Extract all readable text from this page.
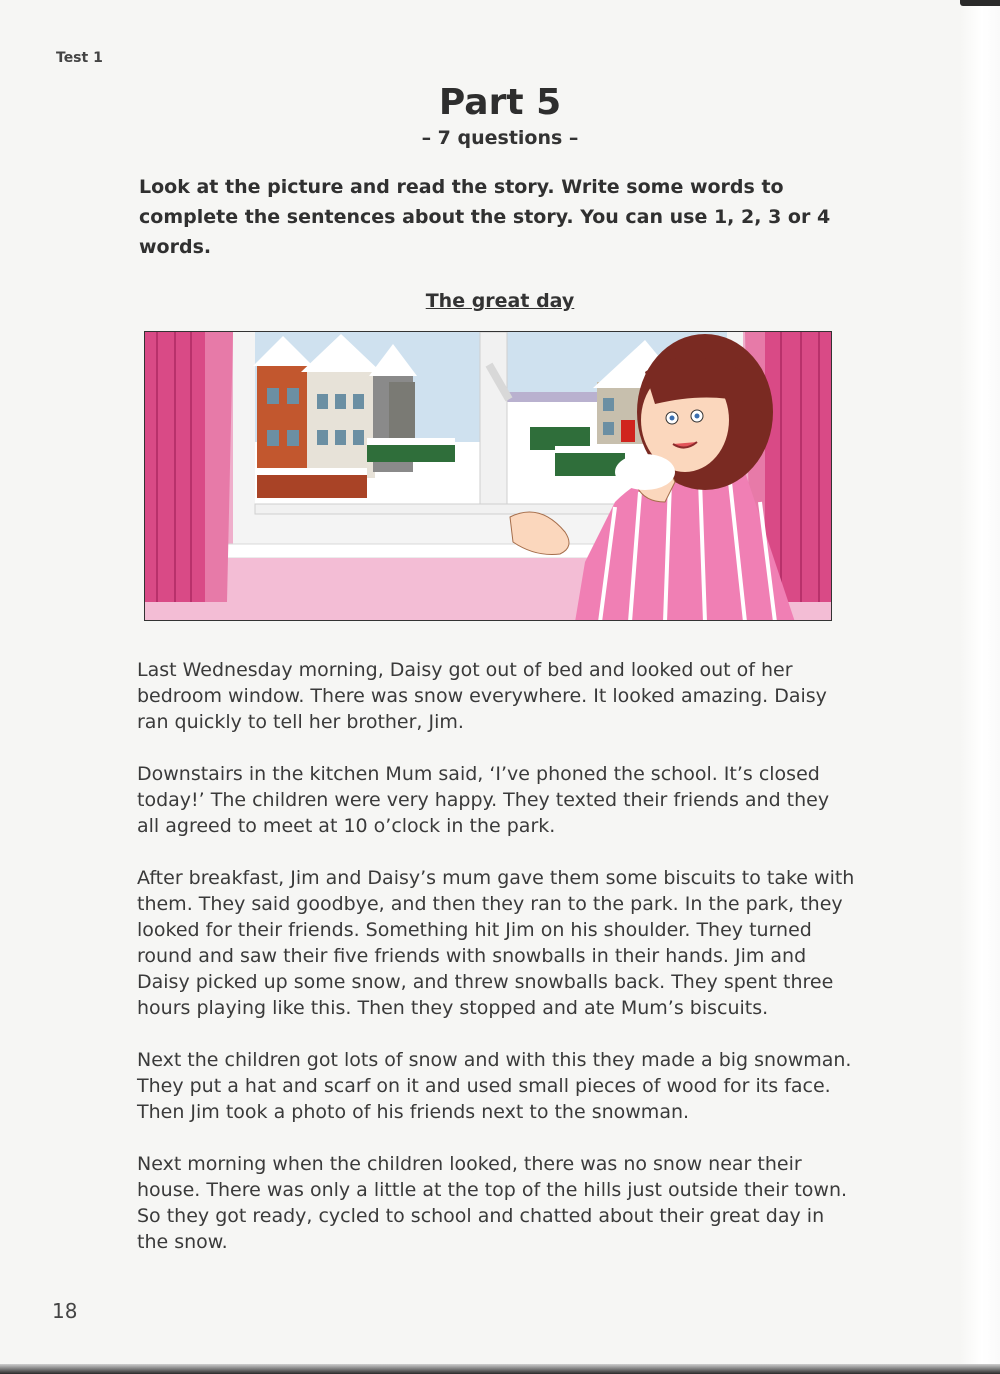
Test 1
Part 5
– 7 questions –
Look at the picture and read the story. Write some words to complete the sentences about the story. You can use 1, 2, 3 or 4 words.
The great day

Last Wednesday morning, Daisy got out of bed and looked out of her bedroom window. There was snow everywhere. It looked amazing. Daisy ran quickly to tell her brother, Jim.

Downstairs in the kitchen Mum said, ‘I’ve phoned the school. It’s closed today!’ The children were very happy. They texted their friends and they all agreed to meet at 10 o’clock in the park.

After breakfast, Jim and Daisy’s mum gave them some biscuits to take with them. They said goodbye, and then they ran to the park. In the park, they looked for their friends. Something hit Jim on his shoulder. They turned round and saw their five friends with snowballs in their hands. Jim and Daisy picked up some snow, and threw snowballs back. They spent three hours playing like this. Then they stopped and ate Mum’s biscuits.

Next the children got lots of snow and with this they made a big snowman. They put a hat and scarf on it and used small pieces of wood for its face. Then Jim took a photo of his friends next to the snowman.

Next morning when the children looked, there was no snow near their house. There was only a little at the top of the hills just outside their town. So they got ready, cycled to school and chatted about their great day in the snow.

18
